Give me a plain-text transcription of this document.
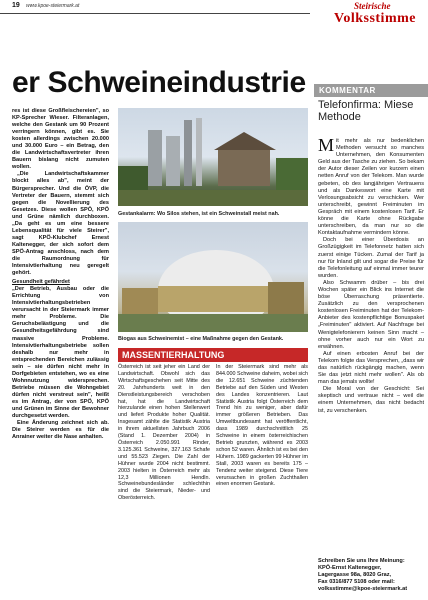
19 www.kpoe-steiermark.at	Steirische
Volksstimme
er Schweineindustrie

res ist diese Großfleischereien", so KP-Sprecher Wieser. Filteranlagen, welche den Gestank um 90 Prozent verringern können, gibt es. Sie kosten allerdings zwischen 20.000 und 30.000 Euro – ein Betrag, den die Landwirtschaftsvertreter ihren Bauern bislang nicht zumuten wollen.

„Die Landwirtschaftskammer blockt alles ab", meint der Bürgersprecher. Und die ÖVP, die Vertreter der Bauern, stemmt sich gegen die Novellierung des Gesetzes. Diese wollen SPÖ, KPÖ und Grüne nämlich durchboxen. „Da geht es um eine bessere Lebensqualität für viele Steirer", sagt KPÖ-Klubchef Ernest Kaltenegger, der sich sofort dem SPÖ-Antrag anschloss, nach dem die Raumordnung für Intensivtierhaltung neu geregelt gehört.

Gesundheit gefährdet

„Der Betrieb, Ausbau oder die Errichtung von Intensivtierhaltungsbetrieben verursacht in der Steiermark immer mehr Probleme. Die Geruchsbelästigung und die Gesundheitsgefährdung sind massive Probleme. Intensivtierhaltungsbetriebe sollen deshalb nur mehr in entsprechenden Bereichen zulässig sein – sie dürfen nicht mehr in Dorfgebieten entstehen, wo es eine Wohnnutzung widersprechen. Betriebe müssen die Wohngebiet dürfen nicht verstreut sein", heißt es im Antrag, der von SPÖ, KPÖ und Grünen im Sinne der Bewohner durchgesetzt werden.

Eine Änderung zeichnet sich ab. Die Steirer werden es für die Anrainer weiter die Nase anhalten.

Gestankalarm: Wo Silos stehen, ist ein Schweinstall meist nah.
Biogas aus Schweinemist – eine Maßnahme gegen den Gestank.
MASSENTIERHALTUNG

Österreich ist seit jeher ein Land der Landwirtschaft. Obwohl sich das Wirtschaftsgeschehen seit Mitte des 20. Jahrhunderts weit in den Dienstleistungsbereich verschoben hat, hat die Landwirtschaft hierzulande einen hohen Stellenwert und liefert Produkte hoher Qualität. Insgesamt zählte die Statistik Austria in ihrem aktuellsten Jahrbuch 2006 (Stand 1. Dezember 2004) in Österreich 2.050.991 Rinder, 3.125.361 Schweine, 327.163 Schafe und 55.523 Ziegen. Die Zahl der Hühner wurde 2004 nicht bestimmt. 2003 hielten in Österreich mehr als 12,3 Millionen Hendln. Schweinebundesländer schlechthin sind die Steiermark, Nieder- und Oberösterreich.

In der Steiermark sind mehr als 844.000 Schweine daheim, wobei sich die 12.651 Schweine züchtenden Betriebe auf den Süden und Westen des Landes konzentrieren. Laut Statistik Austria folgt Österreich dem Trend hin zu weniger, aber dafür immer größeren Betrieben. Das Umweltbundesamt hat veröffentlicht, dass 1989 durchschnittlich 25 Schweine in einem österreichischen Betrieb grunzten, während es 2003 schon 52 waren. Ähnlich ist es bei den Hühern. 1989 gackerten 99 Hühner im Stall, 2003 waren es bereits 175 – Tendenz weiter steigend. Diese Tiere verursachen in großen Zuchthallen einen enormen Gestank.

KOMMENTAR
Telefonfirma: Miese Methode

Mit mehr als nur bedenklichen Methoden versucht so manches Unternehmen, den Konsumenten Geld aus der Tasche zu ziehen. So bekam der Autor dieser Zeilen vor kurzem einen netten Anruf von der Telekom. Man wurde gebeten, ob des langjährigen Vertrauens und als Dankeswort eine Karte mit Verlosungsabsicht zu verschicken. Wer unterschreibt, gewinnt Freiminuten im Gespräch mit einem kostenlosen Tarif. Er könne die Karte ohne Rückgabe unterschreiben, da man nur so die Kontaktaufnahme vermindern könne.

Doch bei einer Überdosis an Großzügigkeit im Telefonnetz hatten sich zuerst einige Tücken. Zumal der Tarif ja nur für Inland gilt und sogar die Preise für die Telefonleitung auf einmal immer teurer wurden.

Also Schwamm drüber – bis drei Wochen später ein Blick ins Internet die böse Überraschung präsentierte. Zusätzlich zu den versprochenen kostenlosen Freiminuten hat der Telekom-Anbieter des kostenpflichtige Bonuspaket „Freiminuten" aktiviert. Auf Nachfrage bei Wenigtelefonierern keinen Sinn macht – ohne vorher auch nur ein Wort zu erwähnen.

Auf einen erbosten Anruf bei der Telekom folgte das Versprechen, „dass wir das natürlich rückgängig machen, wenn Sie das jetzt nicht mehr wollen". Als ob man das jemals wollte!

Die Moral von der Geschicht: Sei skeptisch und vertraue nicht – weil die einem Unternehmen, das nicht bedacht ist, zu verschenken.

Schreiben Sie uns Ihre Meinung:

KPÖ-Ernst Kaltenegger,

Lagergasse 98a, 8020 Graz,

Fax 0316/877 5108 oder mail:

volksstimme@kpoe-steiermark.at
